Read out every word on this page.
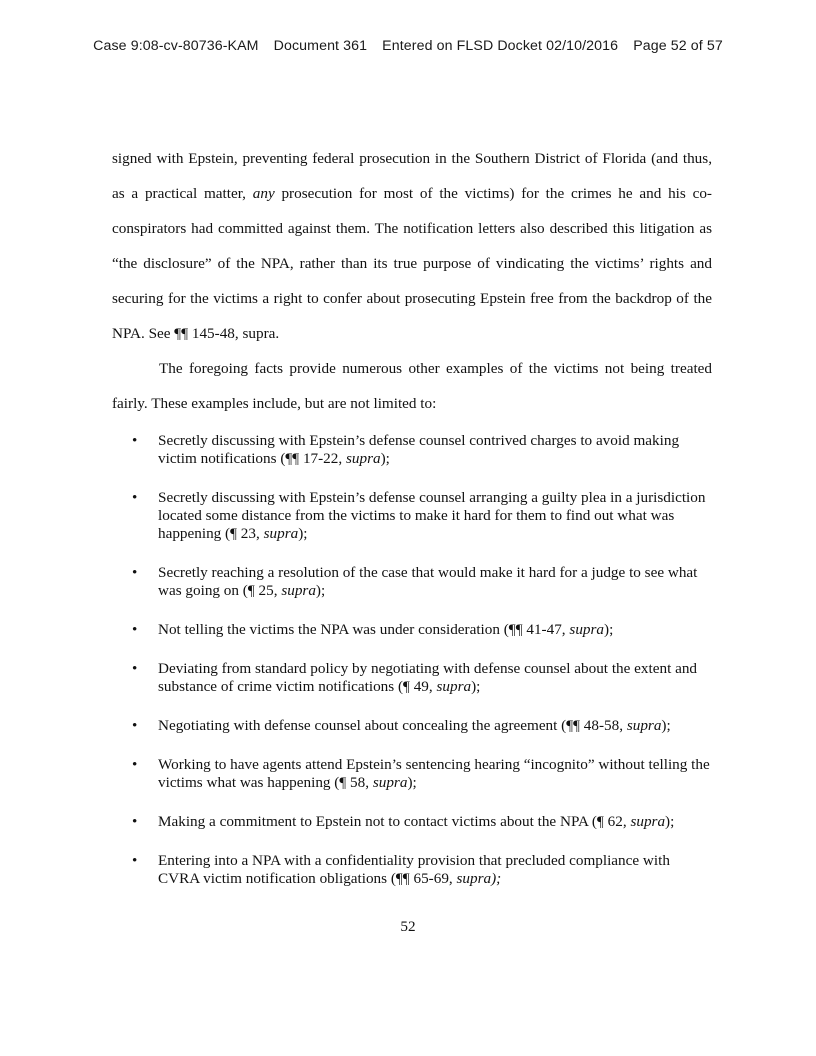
Case 9:08-cv-80736-KAM Document 361 Entered on FLSD Docket 02/10/2016 Page 52 of 57

signed with Epstein, preventing federal prosecution in the Southern District of Florida (and thus, as a practical matter, any prosecution for most of the victims) for the crimes he and his co-conspirators had committed against them. The notification letters also described this litigation as “the disclosure” of the NPA, rather than its true purpose of vindicating the victims’ rights and securing for the victims a right to confer about prosecuting Epstein free from the backdrop of the NPA. See ¶¶ 145-48, supra.

The foregoing facts provide numerous other examples of the victims not being treated fairly. These examples include, but are not limited to:

• Secretly discussing with Epstein’s defense counsel contrived charges to avoid making victim notifications (¶¶ 17-22, supra);
• Secretly discussing with Epstein’s defense counsel arranging a guilty plea in a jurisdiction located some distance from the victims to make it hard for them to find out what was happening (¶ 23, supra);
• Secretly reaching a resolution of the case that would make it hard for a judge to see what was going on (¶ 25, supra);
• Not telling the victims the NPA was under consideration (¶¶ 41-47, supra);
• Deviating from standard policy by negotiating with defense counsel about the extent and substance of crime victim notifications (¶ 49, supra);
• Negotiating with defense counsel about concealing the agreement (¶¶ 48-58, supra);
• Working to have agents attend Epstein’s sentencing hearing “incognito” without telling the victims what was happening (¶ 58, supra);
• Making a commitment to Epstein not to contact victims about the NPA (¶ 62, supra);
• Entering into a NPA with a confidentiality provision that precluded compliance with CVRA victim notification obligations (¶¶ 65-69, supra);
52
